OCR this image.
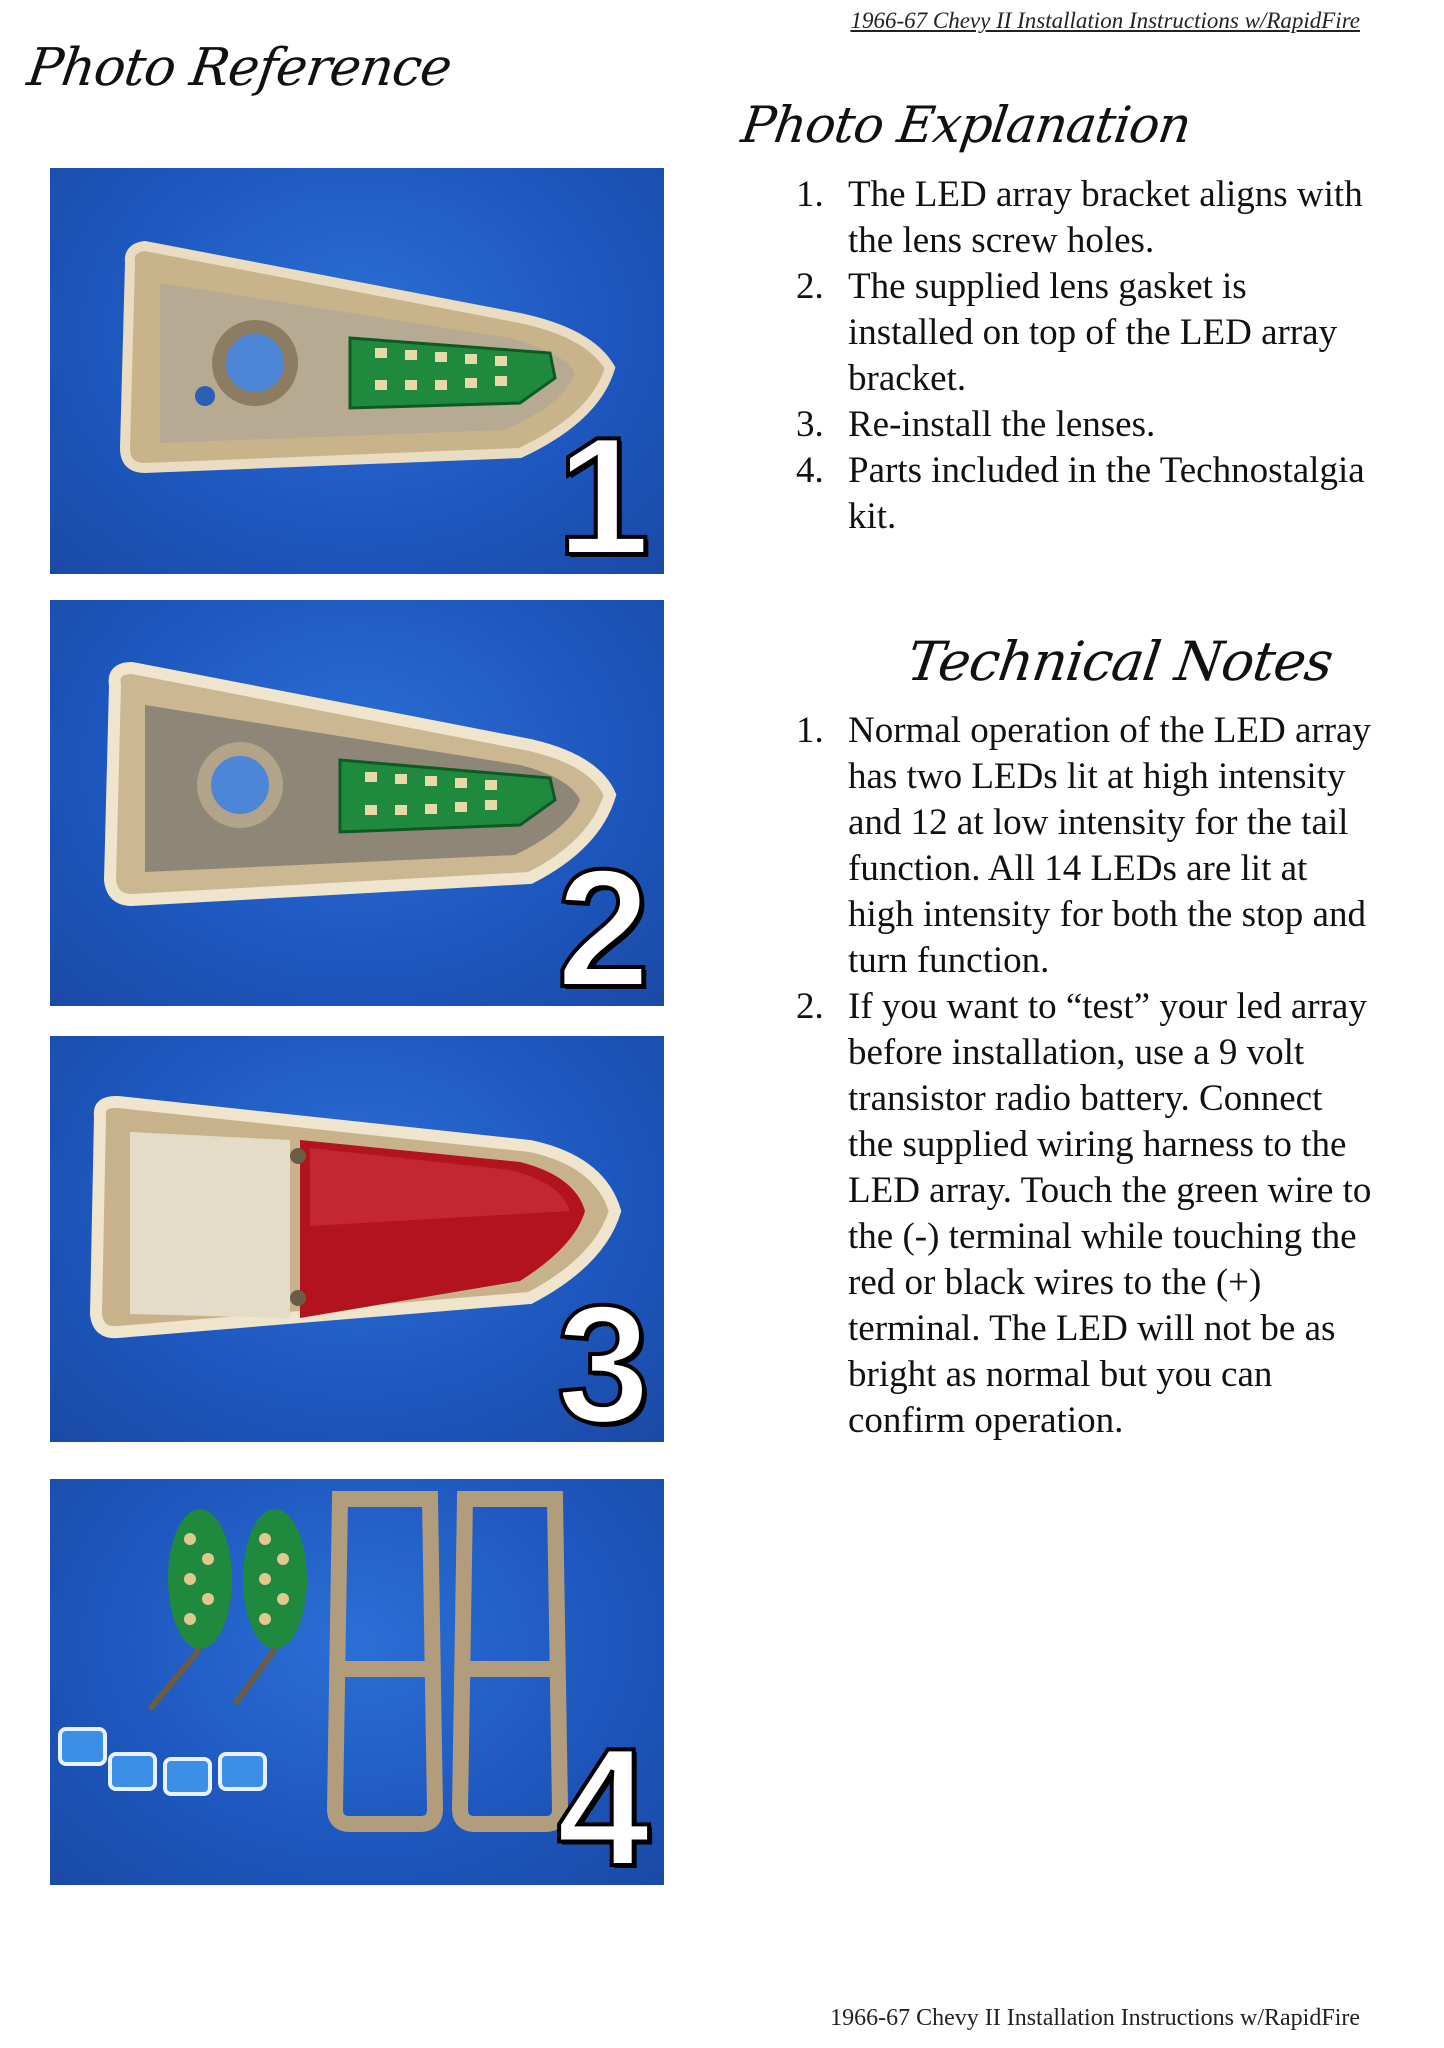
1966-67 Chevy II Installation Instructions w/RapidFire
Photo Reference
1
2
3
4
Photo Explanation
1. The LED array bracket aligns with the lens screw holes.
2. The supplied lens gasket is installed on top of the LED array bracket.
3. Re-install the lenses.
4. Parts included in the Technostalgia kit.
Technical Notes
1. Normal operation of the LED array has two LEDs lit at high intensity and 12 at low intensity for the tail function. All 14 LEDs are lit at high intensity for both the stop and turn function.
2. If you want to “test” your led array before installation, use a 9 volt transistor radio battery. Connect the supplied wiring harness to the LED array. Touch the green wire to the (-) terminal while touching the red or black wires to the (+) terminal. The LED will not be as bright as normal but you can confirm operation.
1966-67 Chevy II Installation Instructions w/RapidFire
